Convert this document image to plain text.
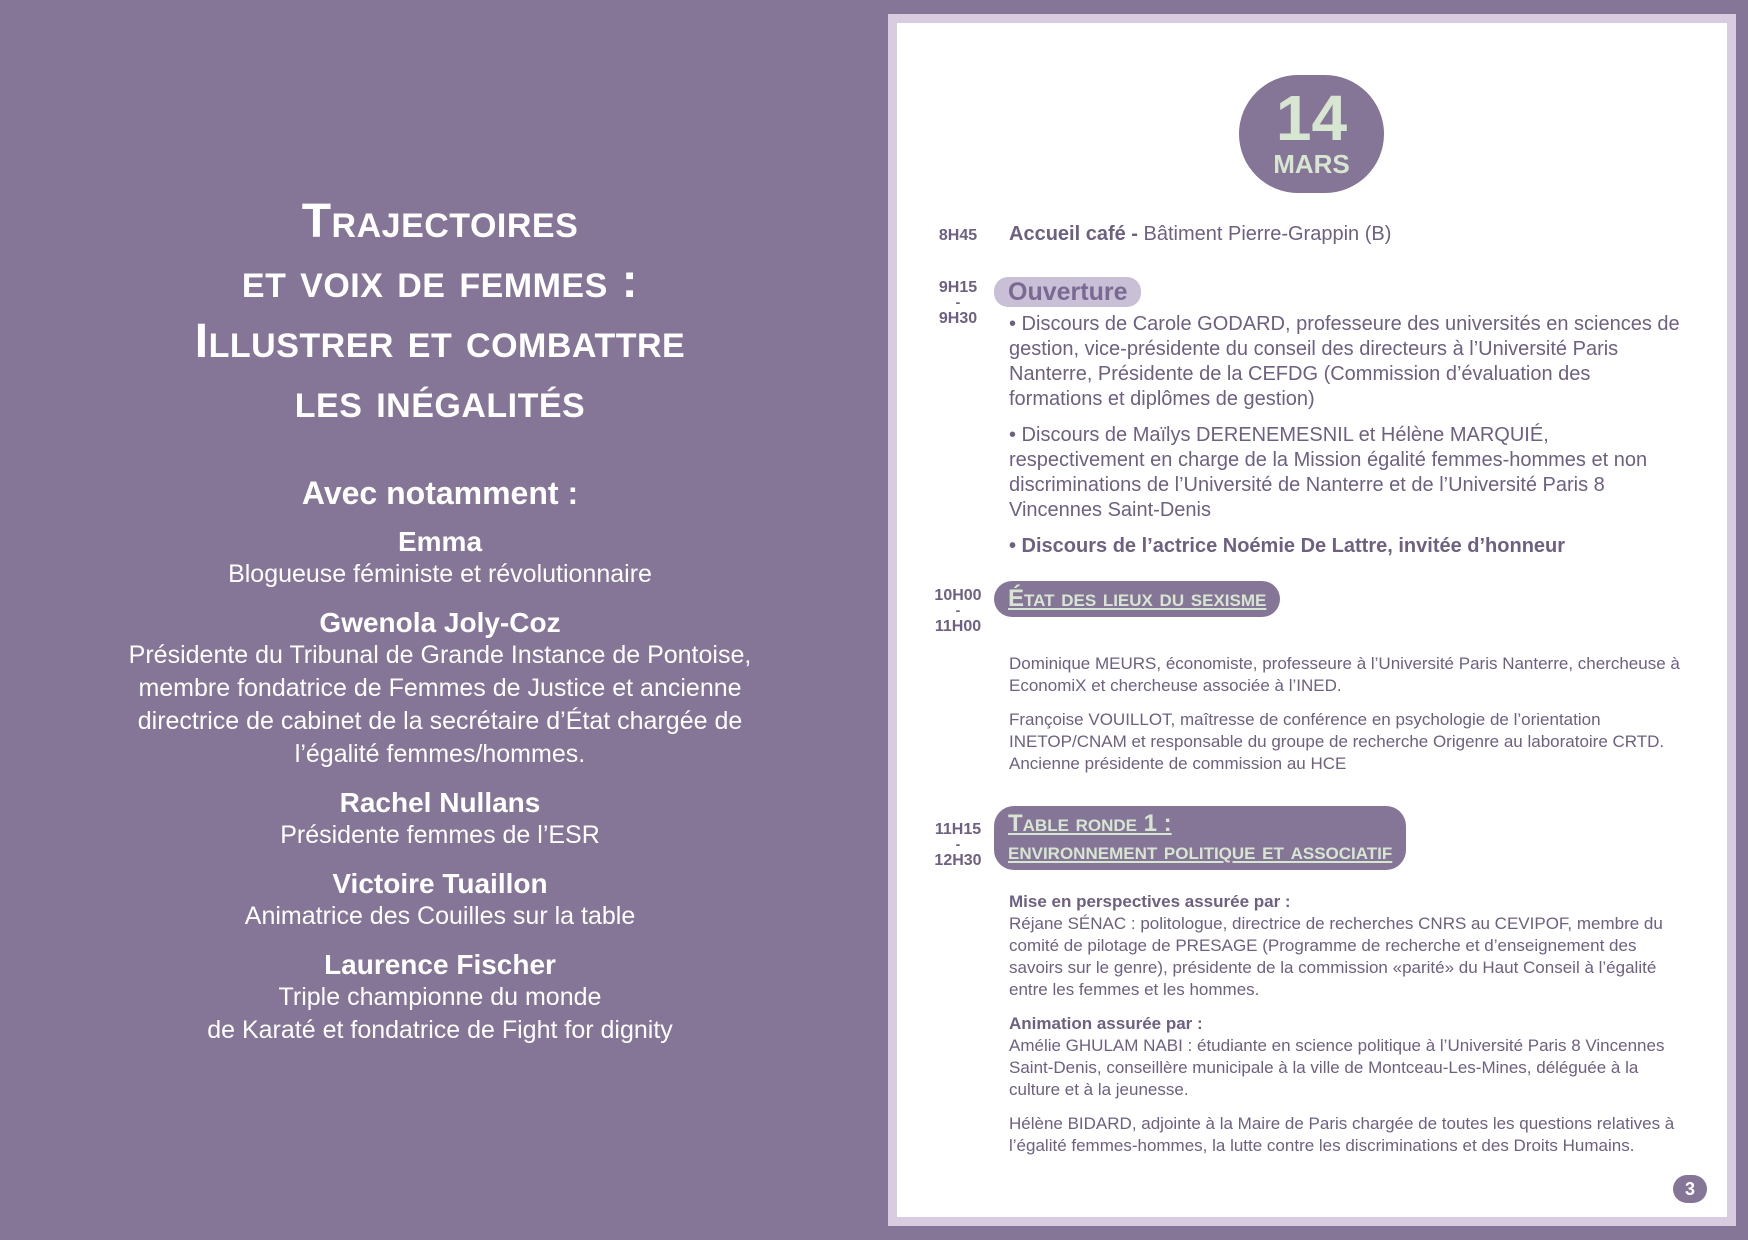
Trajectoires
et voix de femmes :
Illustrer et combattre
les inégalités
Avec notamment :
Emma
Blogueuse féministe et révolutionnaire
Gwenola Joly-Coz
Présidente du Tribunal de Grande Instance de Pontoise,
membre fondatrice de Femmes de Justice et ancienne
directrice de cabinet de la secrétaire d’État chargée de
l’égalité femmes/hommes.
Rachel Nullans
Présidente femmes de l’ESR
Victoire Tuaillon
Animatrice des Couilles sur la table
Laurence Fischer
Triple championne du monde
de Karaté et fondatrice de Fight for dignity
14
MARS
8H45	Accueil café - Bâtiment Pierre-Grappin (B)

9H15
-
9H30
Ouverture

• Discours de Carole GODARD, professeure des universités en sciences de gestion, vice-présidente du conseil des directeurs à l’Université Paris Nanterre, Présidente de la CEFDG (Commission d’évaluation des formations et diplômes de gestion)

• Discours de Maïlys DERENEMESNIL et Hélène MARQUIÉ, respectivement en charge de la Mission égalité femmes-hommes et non discriminations de l’Université de Nanterre et de l’Université Paris 8 Vincennes Saint-Denis

• Discours de l’actrice Noémie De Lattre, invitée d’honneur

10H00
-
11H00
État des lieux du sexisme

Dominique MEURS, économiste, professeure à l’Université Paris Nanterre, chercheuse à EconomiX et chercheuse associée à l’INED.

Françoise VOUILLOT, maîtresse de conférence en psychologie de l’orientation INETOP/CNAM et responsable du groupe de recherche Origenre au laboratoire CRTD. Ancienne présidente de commission au HCE

11H15
-
12H30
Table ronde 1 :
environnement politique et associatif

Mise en perspectives assurée par :

Réjane SÉNAC : politologue, directrice de recherches CNRS au CEVIPOF, membre du comité de pilotage de PRESAGE (Programme de recherche et d’enseignement des savoirs sur le genre), présidente de la commission «parité» du Haut Conseil à l’égalité entre les femmes et les hommes.

Animation assurée par :

Amélie GHULAM NABI : étudiante en science politique à l’Université Paris 8 Vincennes Saint-Denis, conseillère municipale à la ville de Montceau-Les-Mines, déléguée à la culture et à la jeunesse.

Hélène BIDARD, adjointe à la Maire de Paris chargée de toutes les questions relatives à l’égalité femmes-hommes, la lutte contre les discriminations et des Droits Humains.

3
